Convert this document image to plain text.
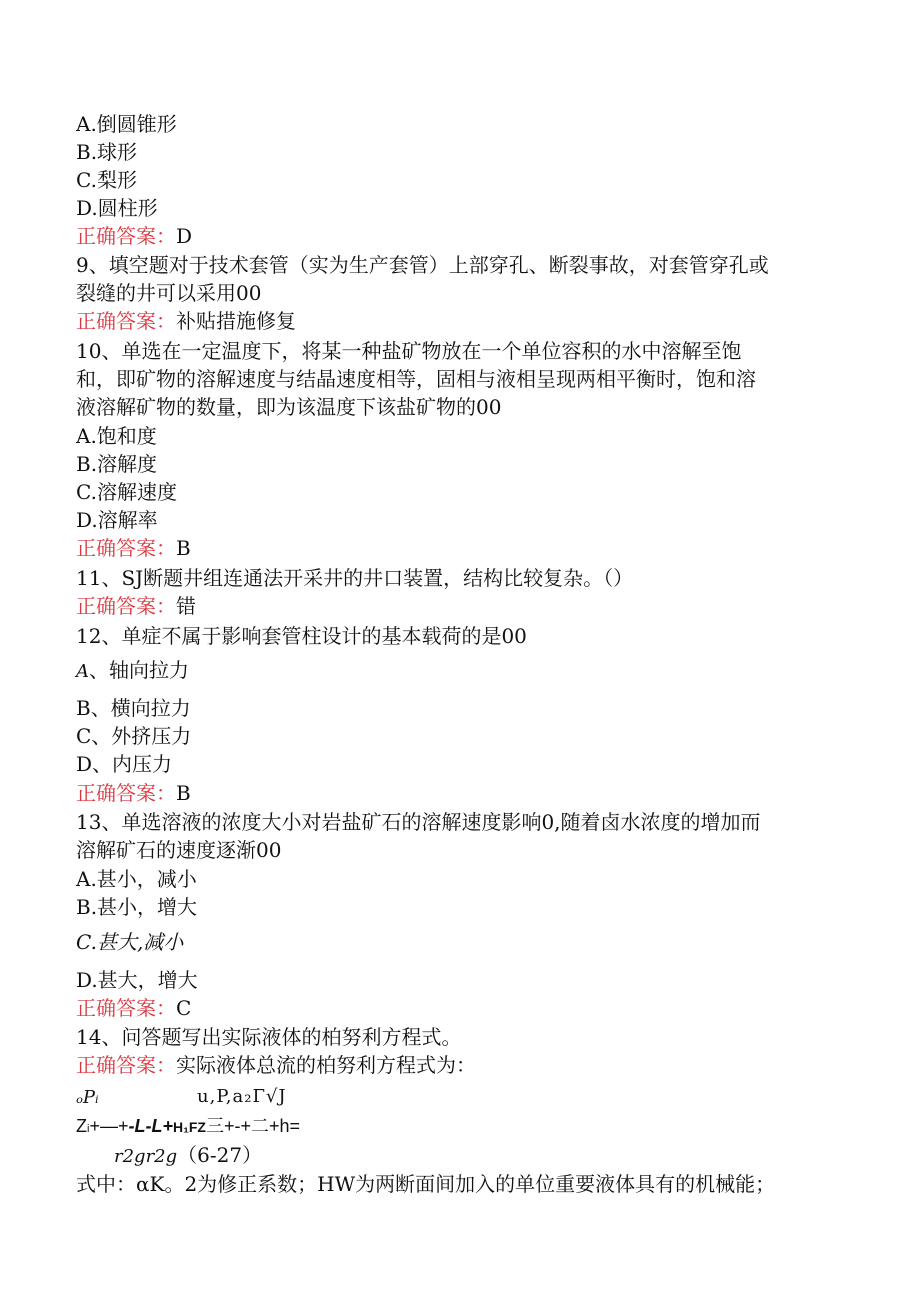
A.倒圆锥形
B.球形
C.梨形
D.圆柱形
正确答案：D
9、填空题对于技术套管（实为生产套管）上部穿孔、断裂事故，对套管穿孔或
裂缝的井可以采用00
正确答案：补贴措施修复
10、单选在一定温度下，将某一种盐矿物放在一个单位容积的水中溶解至饱
和，即矿物的溶解速度与结晶速度相等，固相与液相呈现两相平衡时，饱和溶
液溶解矿物的数量，即为该温度下该盐矿物的00
A.饱和度
B.溶解度
C.溶解速度
D.溶解率
正确答案：B
11、SJ断题井组连通法开采井的井口装置，结构比较复杂。（）
正确答案：错
12、单症不属于影响套管柱设计的基本载荷的是00
A、轴向拉力
B、横向拉力
C、外挤压力
D、内压力
正确答案：B
13、单选溶液的浓度大小对岩盐矿石的溶解速度影响0,随着卤水浓度的增加而
溶解矿石的速度逐渐00
A.甚小，减小
B.甚小，增大
C.甚大,减小
D.甚大，增大
正确答案：C
14、问答题写出实际液体的柏努利方程式。
正确答案：实际液体总流的柏努利方程式为：
ₒPᵢ	u,P,a₂Γ√J
Zi+—+-L-L+H₁FZ三+-+二+h=
r2gr2g（6-27）
式中：αK。2为修正系数；HW为两断面间加入的单位重要液体具有的机械能；
